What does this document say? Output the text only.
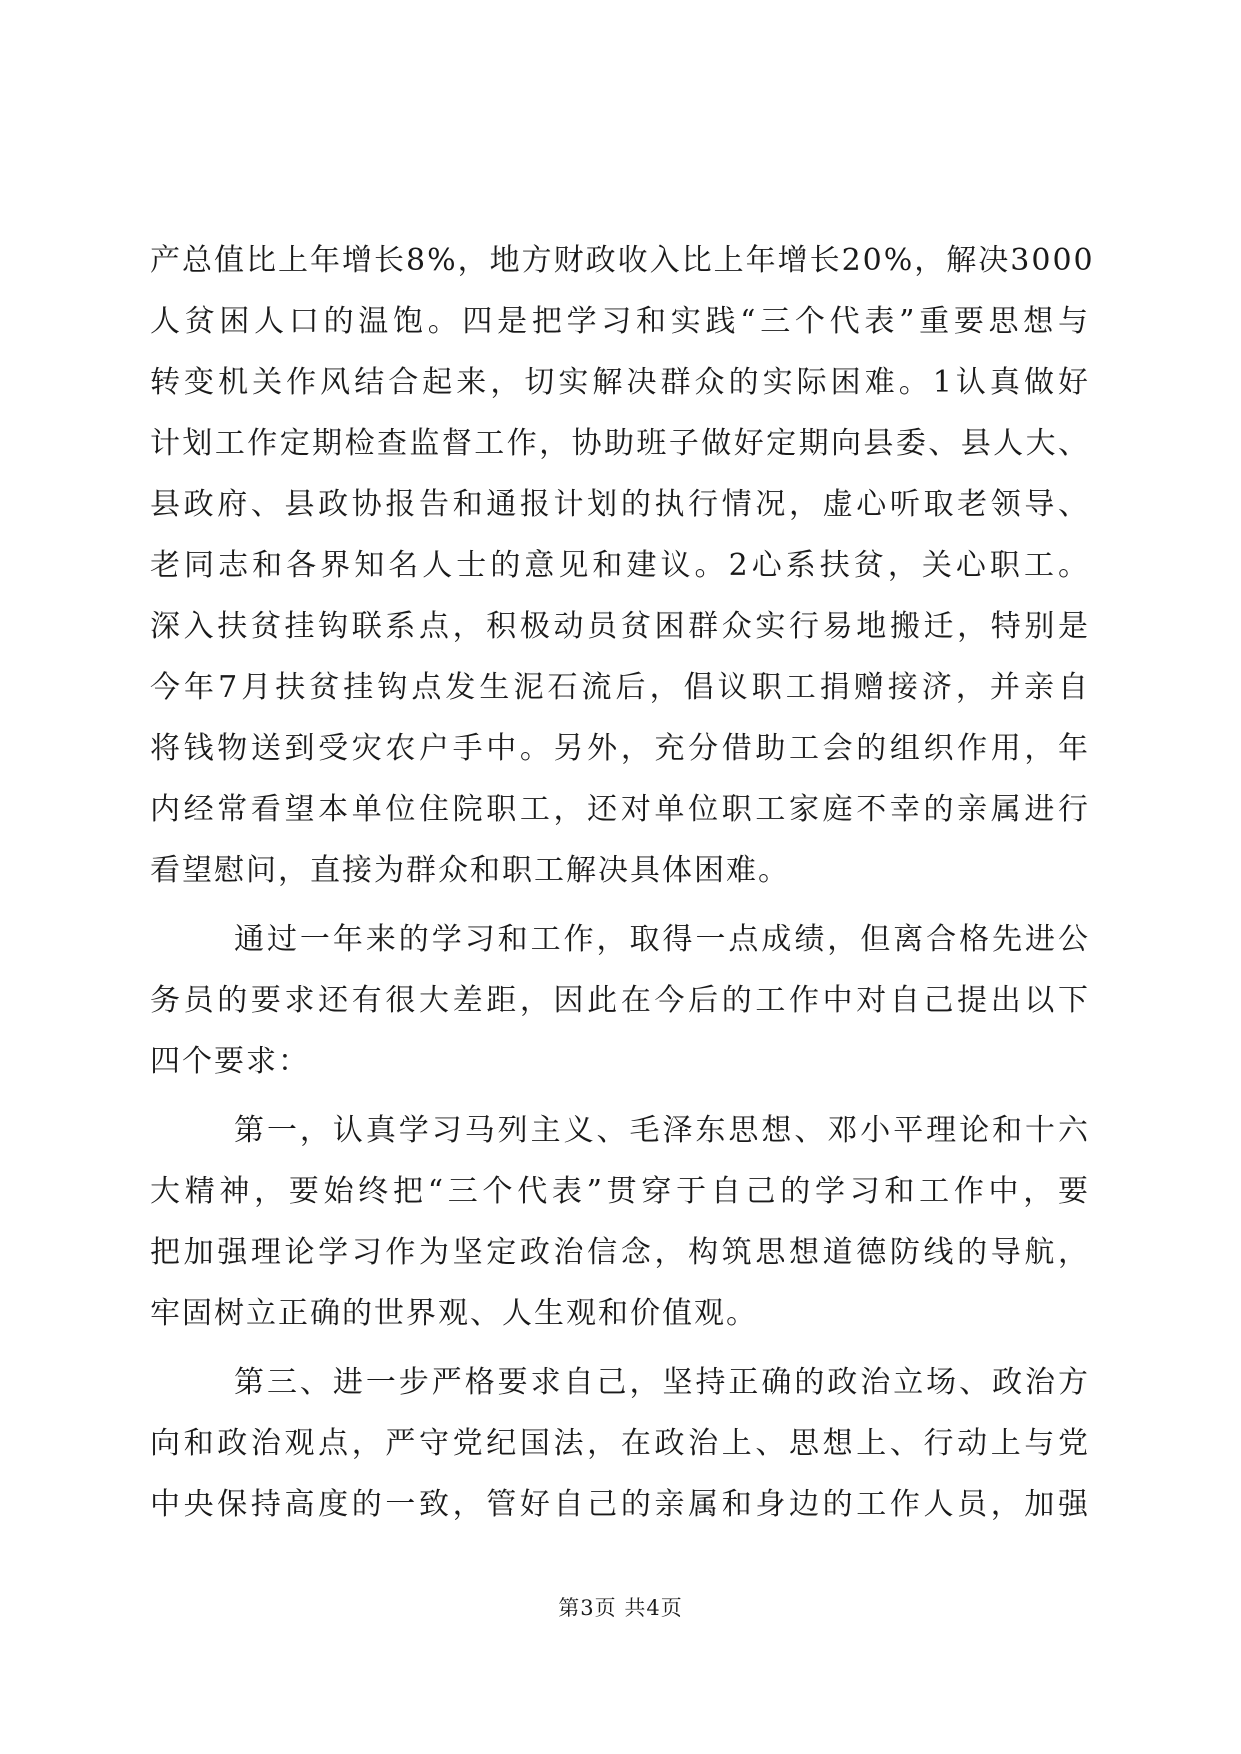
产总值比上年增长8%，地方财政收入比上年增长20%，解决3000
人贫困人口的温饱。四是把学习和实践“三个代表”重要思想与
转变机关作风结合起来，切实解决群众的实际困难。1认真做好
计划工作定期检查监督工作，协助班子做好定期向县委、县人大、
县政府、县政协报告和通报计划的执行情况，虚心听取老领导、
老同志和各界知名人士的意见和建议。2心系扶贫，关心职工。
深入扶贫挂钩联系点，积极动员贫困群众实行易地搬迁，特别是
今年7月扶贫挂钩点发生泥石流后，倡议职工捐赠接济，并亲自
将钱物送到受灾农户手中。另外，充分借助工会的组织作用，年
内经常看望本单位住院职工，还对单位职工家庭不幸的亲属进行
看望慰问，直接为群众和职工解决具体困难。
通过一年来的学习和工作，取得一点成绩，但离合格先进公
务员的要求还有很大差距，因此在今后的工作中对自己提出以下
四个要求：
第一，认真学习马列主义、毛泽东思想、邓小平理论和十六
大精神，要始终把“三个代表”贯穿于自己的学习和工作中，要
把加强理论学习作为坚定政治信念，构筑思想道德防线的导航，
牢固树立正确的世界观、人生观和价值观。
第三、进一步严格要求自己，坚持正确的政治立场、政治方
向和政治观点，严守党纪国法，在政治上、思想上、行动上与党
中央保持高度的一致，管好自己的亲属和身边的工作人员，加强
第3页 共4页
